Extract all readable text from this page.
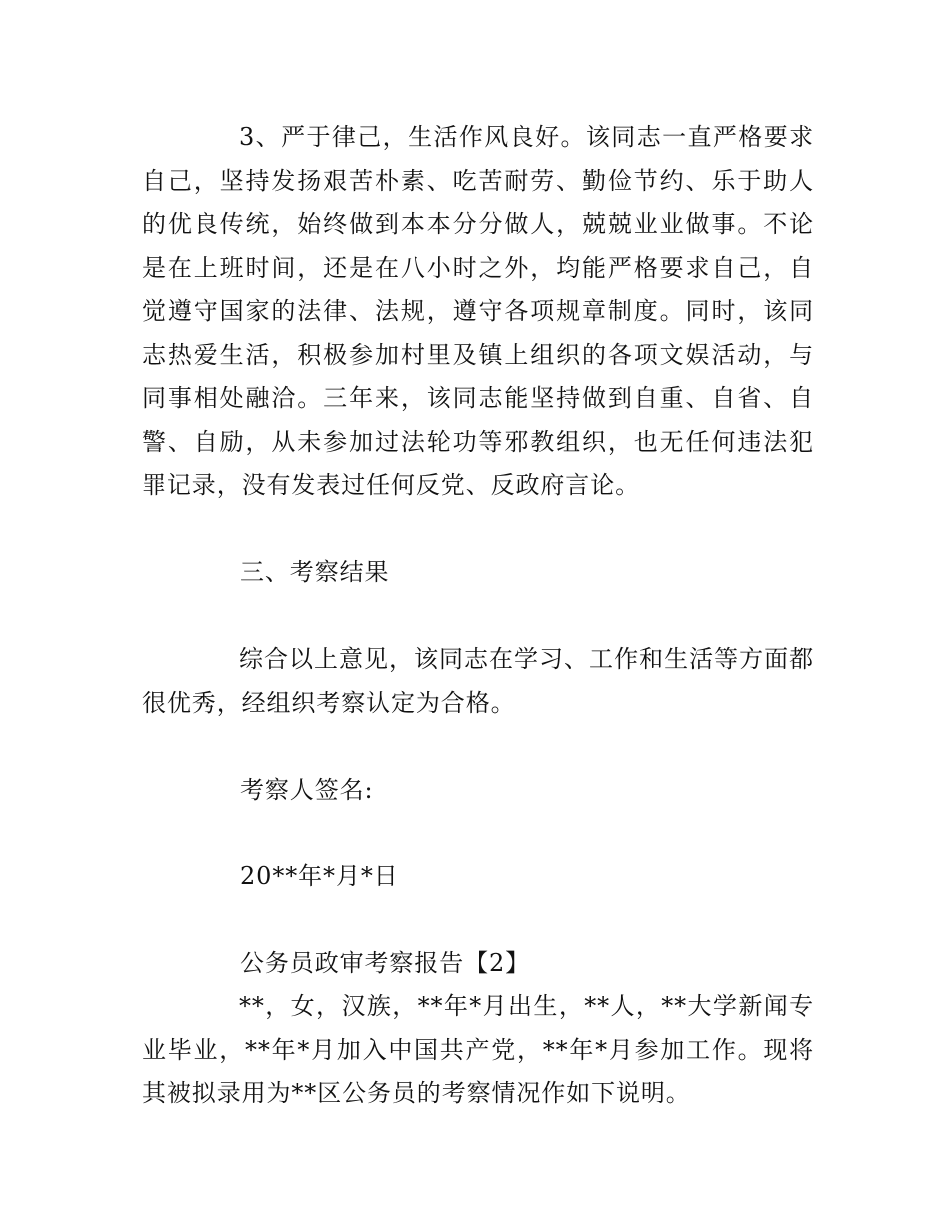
3、严于律己，生活作风良好。该同志一直严格要求自己，坚持发扬艰苦朴素、吃苦耐劳、勤俭节约、乐于助人的优良传统，始终做到本本分分做人，兢兢业业做事。不论是在上班时间，还是在八小时之外，均能严格要求自己，自觉遵守国家的法律、法规，遵守各项规章制度。同时，该同志热爱生活，积极参加村里及镇上组织的各项文娱活动，与同事相处融洽。三年来，该同志能坚持做到自重、自省、自警、自励，从未参加过法轮功等邪教组织，也无任何违法犯罪记录，没有发表过任何反党、反政府言论。

三、考察结果

综合以上意见，该同志在学习、工作和生活等方面都很优秀，经组织考察认定为合格。

考察人签名:

20**年*月*日

公务员政审考察报告【2】

**，女，汉族，**年*月出生，**人，**大学新闻专业毕业，**年*月加入中国共产党，**年*月参加工作。现将其被拟录用为**区公务员的考察情况作如下说明。
